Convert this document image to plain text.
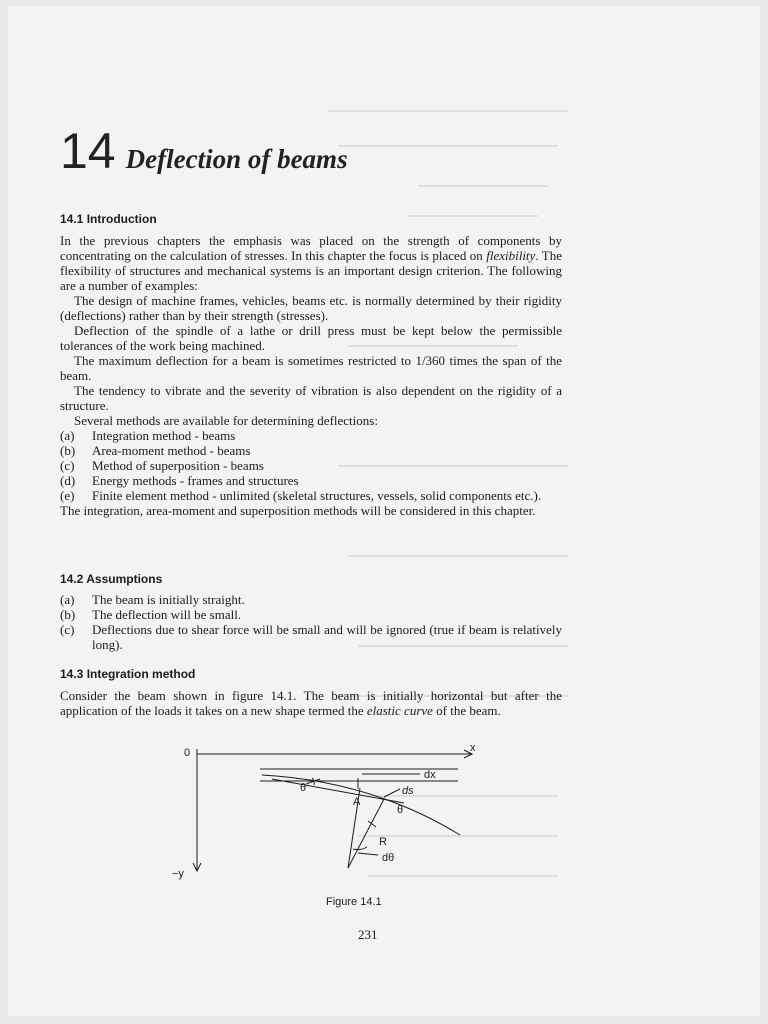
14 Deflection of beams
14.1 Introduction

In the previous chapters the emphasis was placed on the strength of components by concentrating on the calculation of stresses. In this chapter the focus is placed on flexibility. The flexibility of structures and mechanical systems is an important design criterion. The following are a number of examples:

The design of machine frames, vehicles, beams etc. is normally determined by their rigidity (deflections) rather than by their strength (stresses).

Deflection of the spindle of a lathe or drill press must be kept below the permissible tolerances of the work being machined.

The maximum deflection for a beam is sometimes restricted to 1/360 times the span of the beam.

The tendency to vibrate and the severity of vibration is also dependent on the rigidity of a structure.

Several methods are available for determining deflections:

(a) Integration method - beams
(b) Area-moment method - beams
(c) Method of superposition - beams
(d) Energy methods - frames and structures
(e) Finite element method - unlimited (skeletal structures, vessels, solid components etc.).

The integration, area-moment and superposition methods will be considered in this chapter.

14.2 Assumptions
(a) The beam is initially straight.
(b) The deflection will be small.
(c) Deflections due to shear force will be small and will be ignored (true if beam is relatively long).
14.3 Integration method

Consider the beam shown in figure 14.1. The beam is initially horizontal but after the application of the loads it takes on a new shape termed the elastic curve of the beam.

0	x
dx
ds
θ
A
θ
R
dθ
−y
Figure 14.1
231
